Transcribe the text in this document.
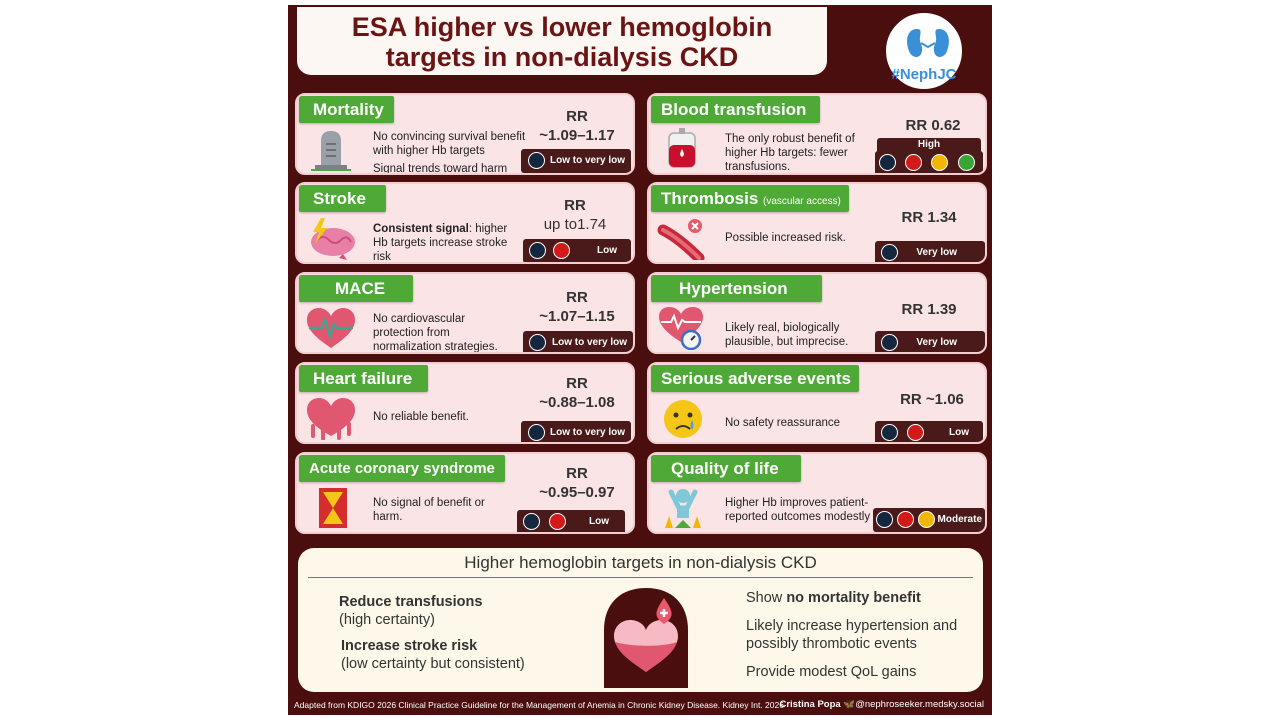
ESA higher vs lower hemoglobin
targets in non-dialysis CKD
#NephJC
Mortality
No convincing survival benefit
with higher Hb targets
Signal trends toward harm
RR
~1.09–1.17
Low to very low
Stroke
Consistent signal: higher
Hb targets increase stroke
risk
RR
up to1.74
Low
MACE
No cardiovascular
protection from
normalization strategies.
RR
~1.07–1.15
Low to very low
Heart failure
No reliable benefit.
RR
~0.88–1.08
Low to very low
Acute coronary syndrome
No signal of benefit or
harm.
RR
~0.95–0.97
Low
Blood transfusion
The only robust benefit of
higher Hb targets: fewer
transfusions.
RR 0.62
High
Thrombosis (vascular access)
Possible increased risk.
RR 1.34
Very low
Hypertension
Likely real, biologically
plausible, but imprecise.
RR 1.39
Very low
Serious adverse events
No safety reassurance
RR ~1.06
Low
Quality of life
Higher Hb improves patient-
reported outcomes modestly	Moderate
Higher hemoglobin targets in non-dialysis CKD
Reduce transfusions
(high certainty)
Increase stroke risk
(low certainty but consistent)
Show no mortality benefit
Likely increase hypertension and
possibly thrombotic events
Provide modest QoL gains
Adapted from KDIGO 2026 Clinical Practice Guideline for the Management of Anemia in Chronic Kidney Disease. Kidney Int. 2026
Cristina Popa 🦋@nephroseeker.medsky.social
